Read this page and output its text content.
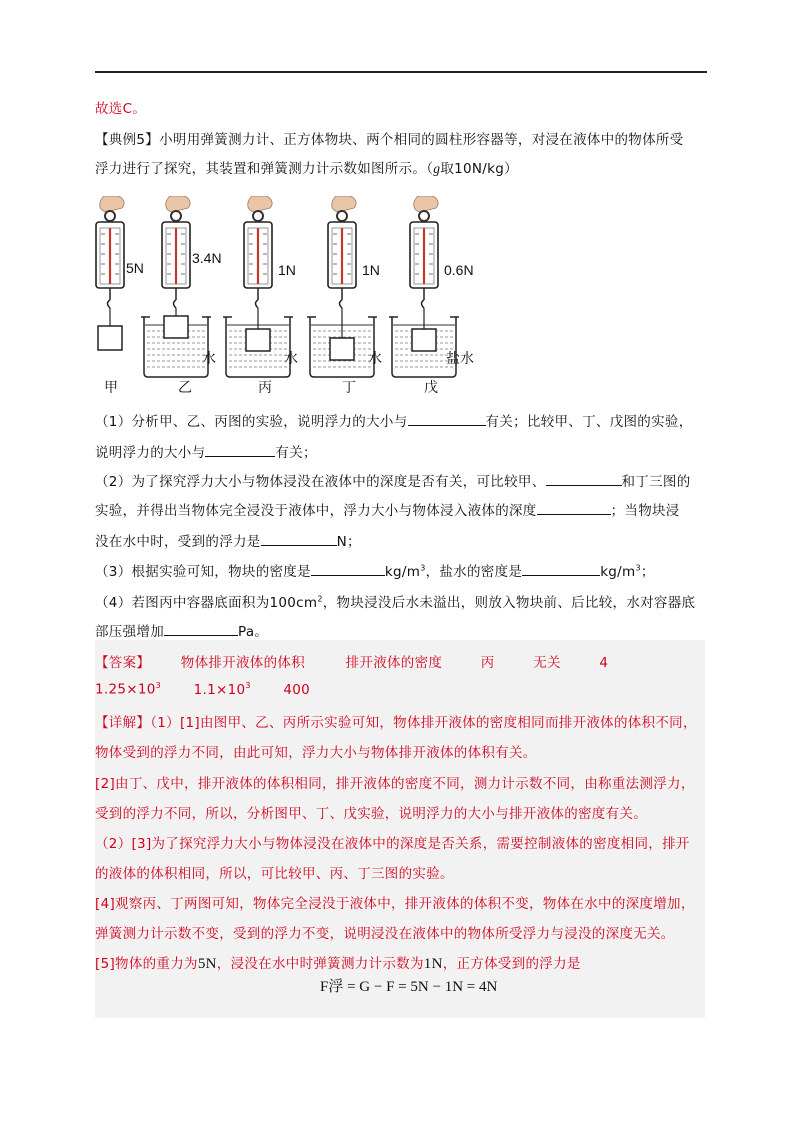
故选C。
【典例5】小明用弹簧测力计、正方体物块、两个相同的圆柱形容器等，对浸在液体中的物体所受
浮力进行了探究，其装置和弹簧测力计示数如图所示。（g取10N/kg）
5N
3.4N
1N	1N	0.6N
水	水	水	盐水
甲	乙	丙	丁	戊
（1）分析甲、乙、丙图的实验，说明浮力的大小与	有关；比较甲、丁、戊图的实验，
说明浮力的大小与	有关；
（2）为了探究浮力大小与物体浸没在液体中的深度是否有关，可比较甲、	和丁三图的
实验，并得出当物体完全浸没于液体中，浮力大小与物体浸入液体的深度	；当物块浸
没在水中时，受到的浮力是	N；
（3）根据实验可知，物块的密度是	$kg/m^3$，盐水的密度是	$kg/m^3$；
（4）若图丙中容器底面积为$100cm^2$，物块浸没后水未溢出，则放入物块前、后比较，水对容器底
部压强增加	Pa。
【答案】 物体排开液体的体积	排开液体的密度	丙	无关	4
$1.25\times 10^3$ $1.1\times 10^3$ 400
【详解】（1）[1]由图甲、乙、丙所示实验可知，物体排开液体的密度相同而排开液体的体积不同，
物体受到的浮力不同，由此可知，浮力大小与物体排开液体的体积有关。
[2]由丁、戊中，排开液体的体积相同，排开液体的密度不同，测力计示数不同，由称重法测浮力，
受到的浮力不同，所以，分析图甲、丁、戊实验，说明浮力的大小与排开液体的密度有关。
（2）[3]为了探究浮力大小与物体浸没在液体中的深度是否关系，需要控制液体的密度相同，排开
的液体的体积相同，所以，可比较甲、丙、丁三图的实验。
[4]观察丙、丁两图可知，物体完全浸没于液体中，排开液体的体积不变，物体在水中的深度增加，
弹簧测力计示数不变，受到的浮力不变，说明浸没在液体中的物体所受浮力与浸没的深度无关。
[5]物体的重力为5N，浸没在水中时弹簧测力计示数为1N，正方体受到的浮力是
F浮 = G − F = 5N − 1N = 4N
